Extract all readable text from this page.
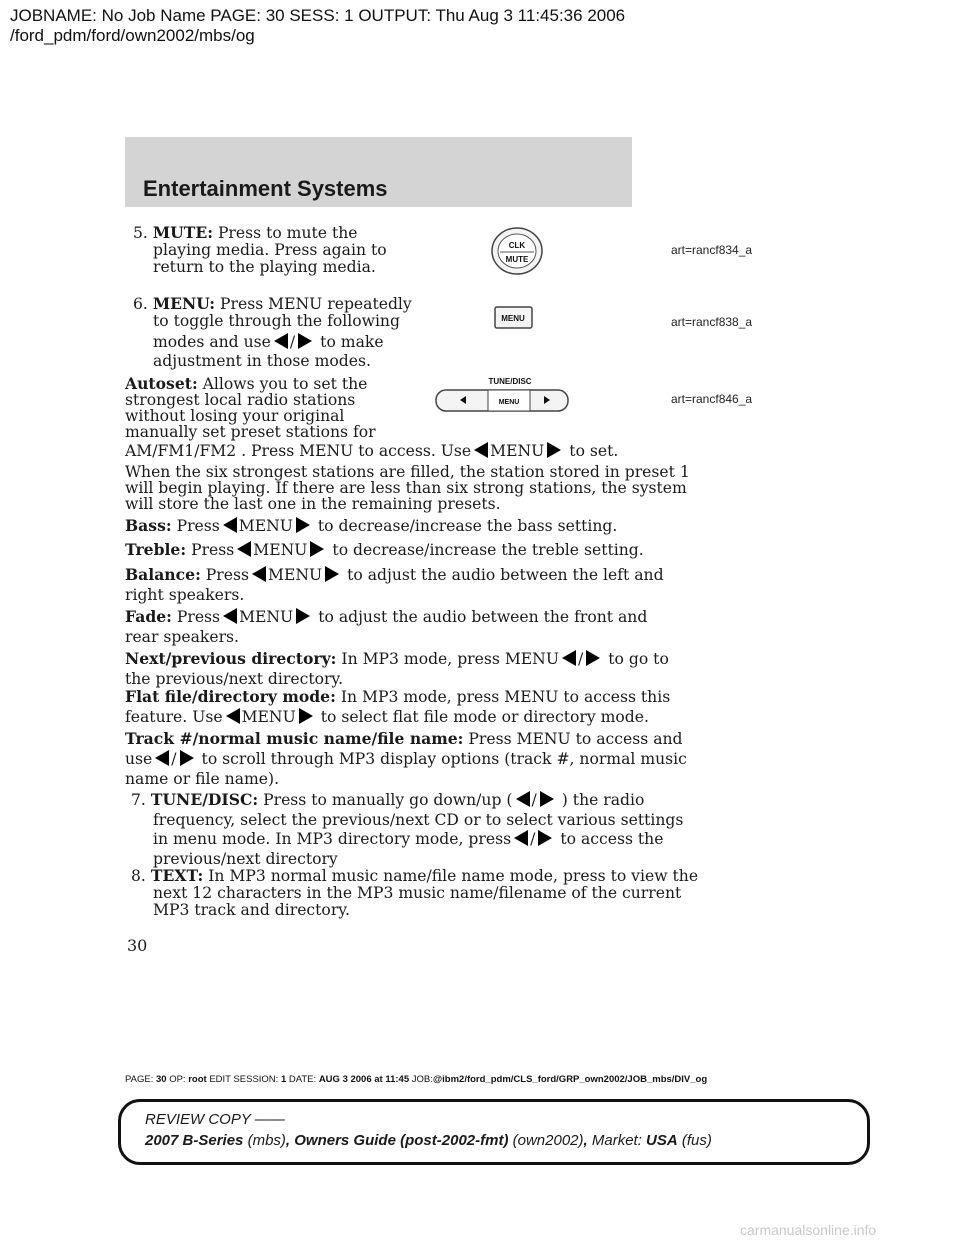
JOBNAME: No Job Name PAGE: 30 SESS: 1 OUTPUT: Thu Aug 3 11:45:36 2006
/ford_pdm/ford/own2002/mbs/og
Entertainment Systems
CLK
MUTE
art=rancf834_a
MENU	art=rancf838_a
TUNE/DISC
MENU	art=rancf846_a
5. MUTE: Press to mute the
playing media. Press again to
return to the playing media.
6. MENU: Press MENU repeatedly
to toggle through the following
modes and use / to make
adjustment in those modes.
Autoset: Allows you to set the
strongest local radio stations
without losing your original
manually set preset stations for
AM/FM1/FM2 . Press MENU to access. Use MENU to set.
When the six strongest stations are filled, the station stored in preset 1
will begin playing. If there are less than six strong stations, the system
will store the last one in the remaining presets.
Bass: Press MENU to decrease/increase the bass setting.
Treble: Press MENU to decrease/increase the treble setting.
Balance: Press MENU to adjust the audio between the left and
right speakers.
Fade: Press MENU to adjust the audio between the front and
rear speakers.
Next/previous directory: In MP3 mode, press MENU / to go to
the previous/next directory.
Flat file/directory mode: In MP3 mode, press MENU to access this
feature. Use MENU to select flat file mode or directory mode.
Track #/normal music name/file name: Press MENU to access and
use / to scroll through MP3 display options (track #, normal music
name or file name).
7. TUNE/DISC: Press to manually go down/up ( / ) the radio
frequency, select the previous/next CD or to select various settings
in menu mode. In MP3 directory mode, press / to access the
previous/next directory
8. TEXT: In MP3 normal music name/file name mode, press to view the
next 12 characters in the MP3 music name/filename of the current
MP3 track and directory.
30
PAGE: 30 OP: root EDIT SESSION: 1 DATE: AUG 3 2006 at 11:45 JOB:@ibm2/ford_pdm/CLS_ford/GRP_own2002/JOB_mbs/DIV_og
REVIEW COPY ——
2007 B-Series (mbs), Owners Guide (post-2002-fmt) (own2002), Market: USA (fus)
carmanualsonline.info
